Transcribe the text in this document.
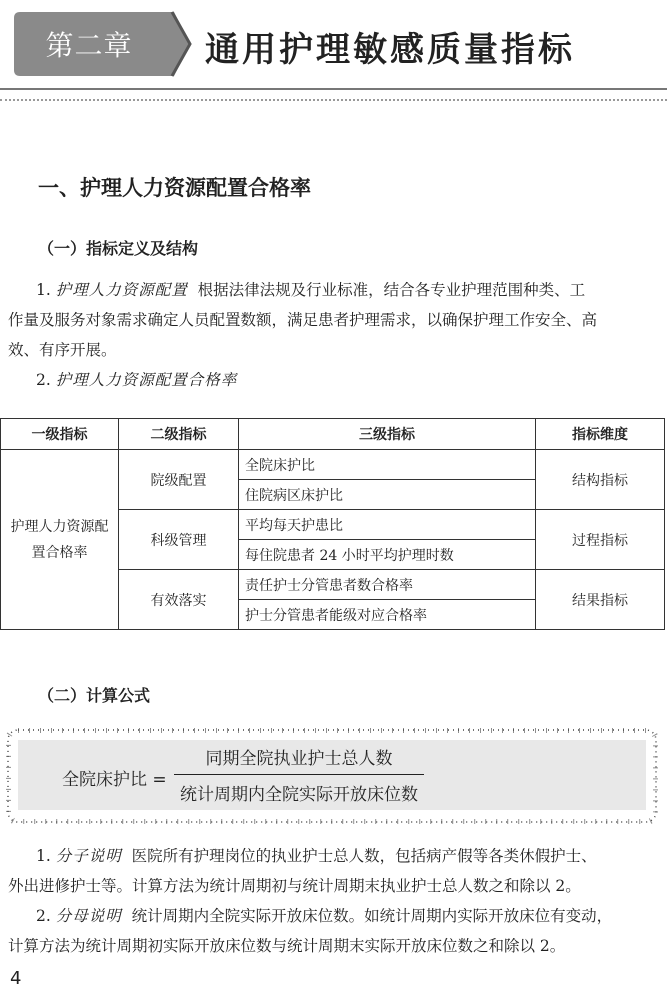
第二章	通用护理敏感质量指标
一、护理人力资源配置合格率
（一）指标定义及结构
1. 护理人力资源配置 根据法律法规及行业标准，结合各专业护理范围种类、工
作量及服务对象需求确定人员配置数额，满足患者护理需求，以确保护理工作安全、高
效、有序开展。
2. 护理人力资源配置合格率
一级指标	二级指标	三级指标	指标维度
护理人力资源配置合格率	院级配置	全院床护比	结构指标
		住院病区床护比	
	科级管理	平均每天护患比	过程指标
		每住院患者 24 小时平均护理时数	
	有效落实	责任护士分管患者数合格率	结果指标
		护士分管患者能级对应合格率	
（二）计算公式
全院床护比 =
同期全院执业护士总人数
统计周期内全院实际开放床位数
1. 分子说明 医院所有护理岗位的执业护士总人数，包括病产假等各类休假护士、
外出进修护士等。计算方法为统计周期初与统计周期末执业护士总人数之和除以 2。
2. 分母说明 统计周期内全院实际开放床位数。如统计周期内实际开放床位有变动，
计算方法为统计周期初实际开放床位数与统计周期末实际开放床位数之和除以 2。
4
